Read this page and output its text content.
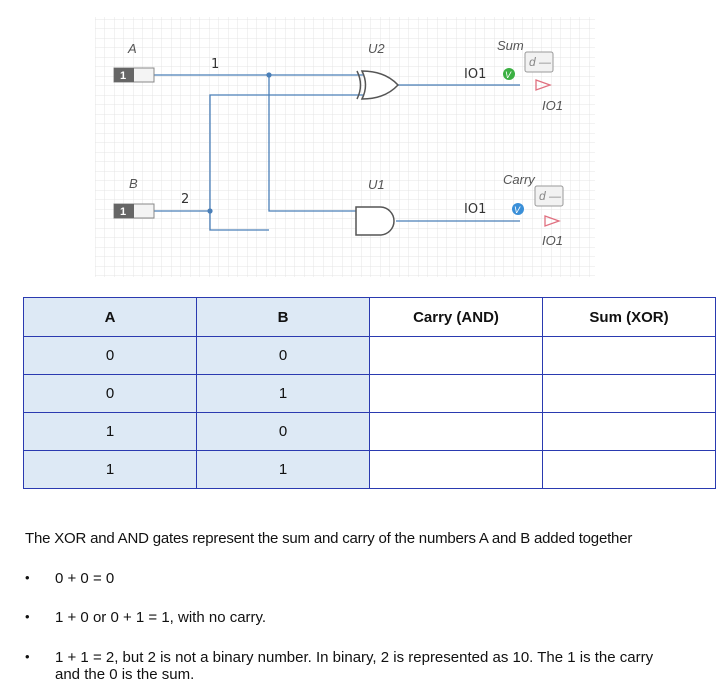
A
1
1
B
1
2
U2
U1
Sum
IO1 V
d —
IO1
Carry
IO1	V
d —
IO1
A	B	Carry (AND)	Sum (XOR)
0	0		
0	1		
1	0		
1	1		
The XOR and AND gates represent the sum and carry of the numbers A and B added together
• 0 + 0 = 0
• 1 + 0 or 0 + 1 = 1, with no carry.
• 1 + 1 = 2, but 2 is not a binary number. In binary, 2 is represented as 10. The 1 is the carry and the 0 is the sum.
